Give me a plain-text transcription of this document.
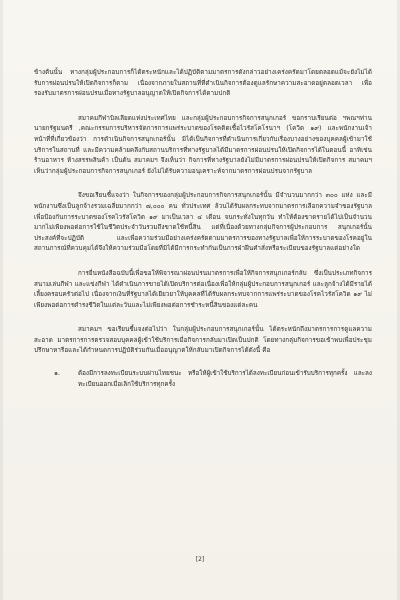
ข้างต้นนั้น ทางกลุ่มผู้ประกอบการก็ได้ตระหนักและได้ปฏิบัติตามมาตรการดังกล่าวอย่างเคร่งครัดมาโดยตลอดแม้จะยังไม่ได้รับการผ่อนปรนให้เปิดกิจการก็ตาม เนื่องจากภายในสถานที่ที่ดำเนินกิจการต้องดูแลรักษาความสะอาดอยู่ตลอดเวลา เพื่อรองรับมาตรการผ่อนปรนเมื่อทางรัฐบาลอนุญาตให้เปิดกิจการได้ตามปกติ

สมาคมกีฬาบิลเลียดแห่งประเทศไทย และกลุ่มผู้ประกอบการกิจการสนุกเกอร์ ขอกราบเรียนต่อ ฯพณฯท่านนายกรัฐมนตรี ,คณะกรรมการบริหารจัดการการแพร่ระบาดของโรคติดเชื้อไวรัสโคโรนาฯ (โควิด ๑๙) และพนักงานเจ้าหน้าที่ที่เกี่ยวข้องว่า การดำเนินกิจการสนุกเกอร์นั้น มิได้เป็นกิจการที่ดำเนินการเกี่ยวกับเรื่องบางอย่างของบุคคลผู้เข้ามาใช้บริการในสถานที่ และมีความคล้ายคลึงกับสถานบริการที่ทางรัฐบาลได้มีมาตรการผ่อนปรนให้เปิดกิจการได้ในตอนนี้ อาทิเช่น ร้านอาหาร ห้างสรรพสินค้า เป็นต้น สมาคมฯ จึงเห็นว่า กิจการที่ทางรัฐบาลยังไม่มีมาตรการผ่อนปรนให้เปิดกิจการ สมาคมฯ เห็นว่ากลุ่มผู้ประกอบการกิจการสนุกเกอร์ ยังไม่ได้รับความอนุเคราะห์จากมาตรการผ่อนปรนจากรัฐบาล

จึงขอเรียนชี้แจงว่า ในกิจการของกลุ่มผู้ประกอบการกิจการสนุกเกอร์นั้น มีจำนวนมากกว่า ๓๐๐ แห่ง และมีพนักงานซึ่งเป็นลูกจ้างรวมเฉลี่ยมากกว่า ๗,๐๐๐ คน ทั่วประเทศ ล้วนได้รับผลกระทบจากมาตรการเลือกความจำของรัฐบาลเพื่อป้องกันการระบาดของโรคไวรัสโควิด ๑๙ มาเป็นเวลา ๔ เดือน จนกระทั่งในทุกวัน ทำให้ต้องขาดรายได้ไปเป็นจำนวนมากไม่เพียงพอต่อการใช้ในชีวิตประจำวันรวมถึงขาดใช้หนี้สิน แต่ที่เนื่องด้วยทางกลุ่มกิจการผู้ประกอบการ สนุกเกอร์นั้นประสงค์ที่จะปฏิบัติ และเพื่อความร่วมมือย่างเคร่งครัดตามมาตรการของทางรัฐบาลเพื่อให้การระบาดของโรคอยู่ในสถานการณ์ที่ควบคุมได้จึงให้ความร่วมมือโดยที่มิได้มีการกระทำกันเป็นการฝ่าฝืนคำสั่งหรือระเบียบของรัฐบาลแต่อย่างใด

การยื่นหนังสือฉบับนี้เพื่อขอให้พิจารณาผ่อนปรนมาตรการเพื่อให้กิจการสนุกเกอร์กลับ ซึ่งเป็นประเภทกิจการสนามเล่นกีฬา และแข่งกีฬา ได้ดำเนินการขายได้เปิดบริการต่อเนื่องเพื่อให้กลุ่มผู้ประกอบการสนุกเกอร์ และลูกจ้างได้มีรายได้เลี้ยงครอบครัวต่อไป เนื่องจากเงินที่รัฐบาลได้เยียวยาให้บุคคลที่ได้รับผลกระทบจากการแพร่ระบาดของโรคไวรัสโควิด ๑๙ ไม่เพียงพอต่อการดำรงชีวิตในแต่ละวันและไม่เพียงพอต่อการชำระหนี้สินของแต่ละคน

สมาคมฯ ขอเรียนชี้แจงต่อไปว่า ในกลุ่มผู้ประกอบการสนุกเกอร์นั้น ได้ตระหนักถึงมาตรการการดูแลความสะอาด มาตรการการตรวจสอบบุคคลผู้เข้าใช้บริการเมื่อกิจการกลับมาเปิดเป็นปกติ โดยทางกลุ่มกิจการขอเข้าพบเพื่อประชุมปรึกษาหารือและได้กำหนดการปฏิบัติร่วมกันเมื่ออนุญาตให้กลับมาเปิดกิจการได้ดังนี้ คือ

๑.	ต้องมีการลงทะเบียนระบบผ่านไทยชนะ หรือให้ผู้เข้าใช้บริการได้ลงทะเบียนก่อนเข้ารับบริการทุกครั้ง และลงทะเบียนออกเมื่อเลิกใช้บริการทุกครั้ง
[2]
